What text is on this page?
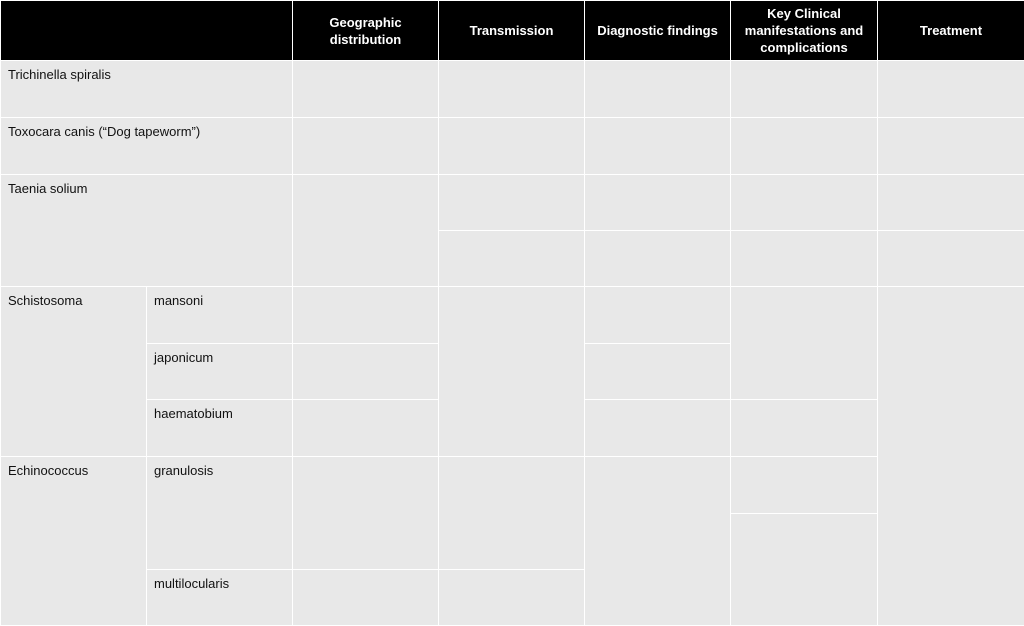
		Geographic distribution	Transmission	Diagnostic findings	Key Clinical manifestations and complications	Treatment
Trichinella spiralis						
Toxocara canis (“Dog tapeworm”)						
Taenia solium						

Schistosoma	mansoni					
	japonicum					
	haematobium					
Echinococcus	granulosis					

	multilocularis					
